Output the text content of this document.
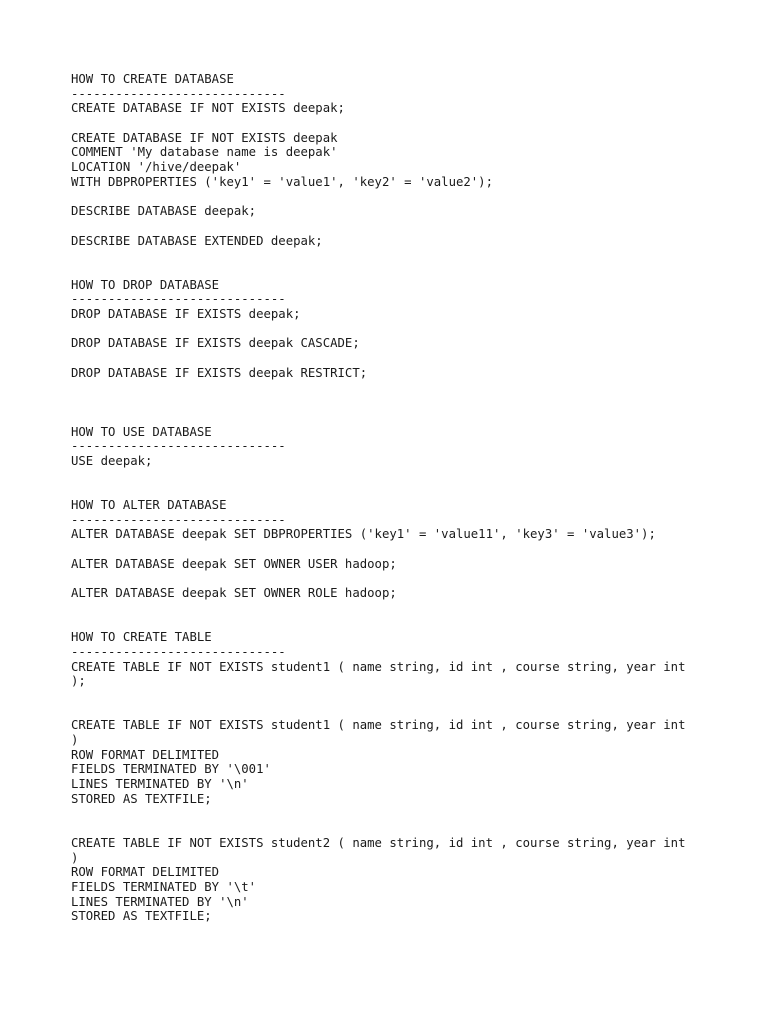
HOW TO CREATE DATABASE
-----------------------------
CREATE DATABASE IF NOT EXISTS deepak;
CREATE DATABASE IF NOT EXISTS deepak
COMMENT 'My database name is deepak'
LOCATION '/hive/deepak'
WITH DBPROPERTIES ('key1' = 'value1', 'key2' = 'value2');
DESCRIBE DATABASE deepak;
DESCRIBE DATABASE EXTENDED deepak;
HOW TO DROP DATABASE
-----------------------------
DROP DATABASE IF EXISTS deepak;
DROP DATABASE IF EXISTS deepak CASCADE;
DROP DATABASE IF EXISTS deepak RESTRICT;
HOW TO USE DATABASE
-----------------------------
USE deepak;
HOW TO ALTER DATABASE
-----------------------------
ALTER DATABASE deepak SET DBPROPERTIES ('key1' = 'value11', 'key3' = 'value3');
ALTER DATABASE deepak SET OWNER USER hadoop;
ALTER DATABASE deepak SET OWNER ROLE hadoop;
HOW TO CREATE TABLE
-----------------------------
CREATE TABLE IF NOT EXISTS student1 ( name string, id int , course string, year int
);
CREATE TABLE IF NOT EXISTS student1 ( name string, id int , course string, year int
)
ROW FORMAT DELIMITED
FIELDS TERMINATED BY '\001'
LINES TERMINATED BY '\n'
STORED AS TEXTFILE;
CREATE TABLE IF NOT EXISTS student2 ( name string, id int , course string, year int
)
ROW FORMAT DELIMITED
FIELDS TERMINATED BY '\t'
LINES TERMINATED BY '\n'
STORED AS TEXTFILE;
